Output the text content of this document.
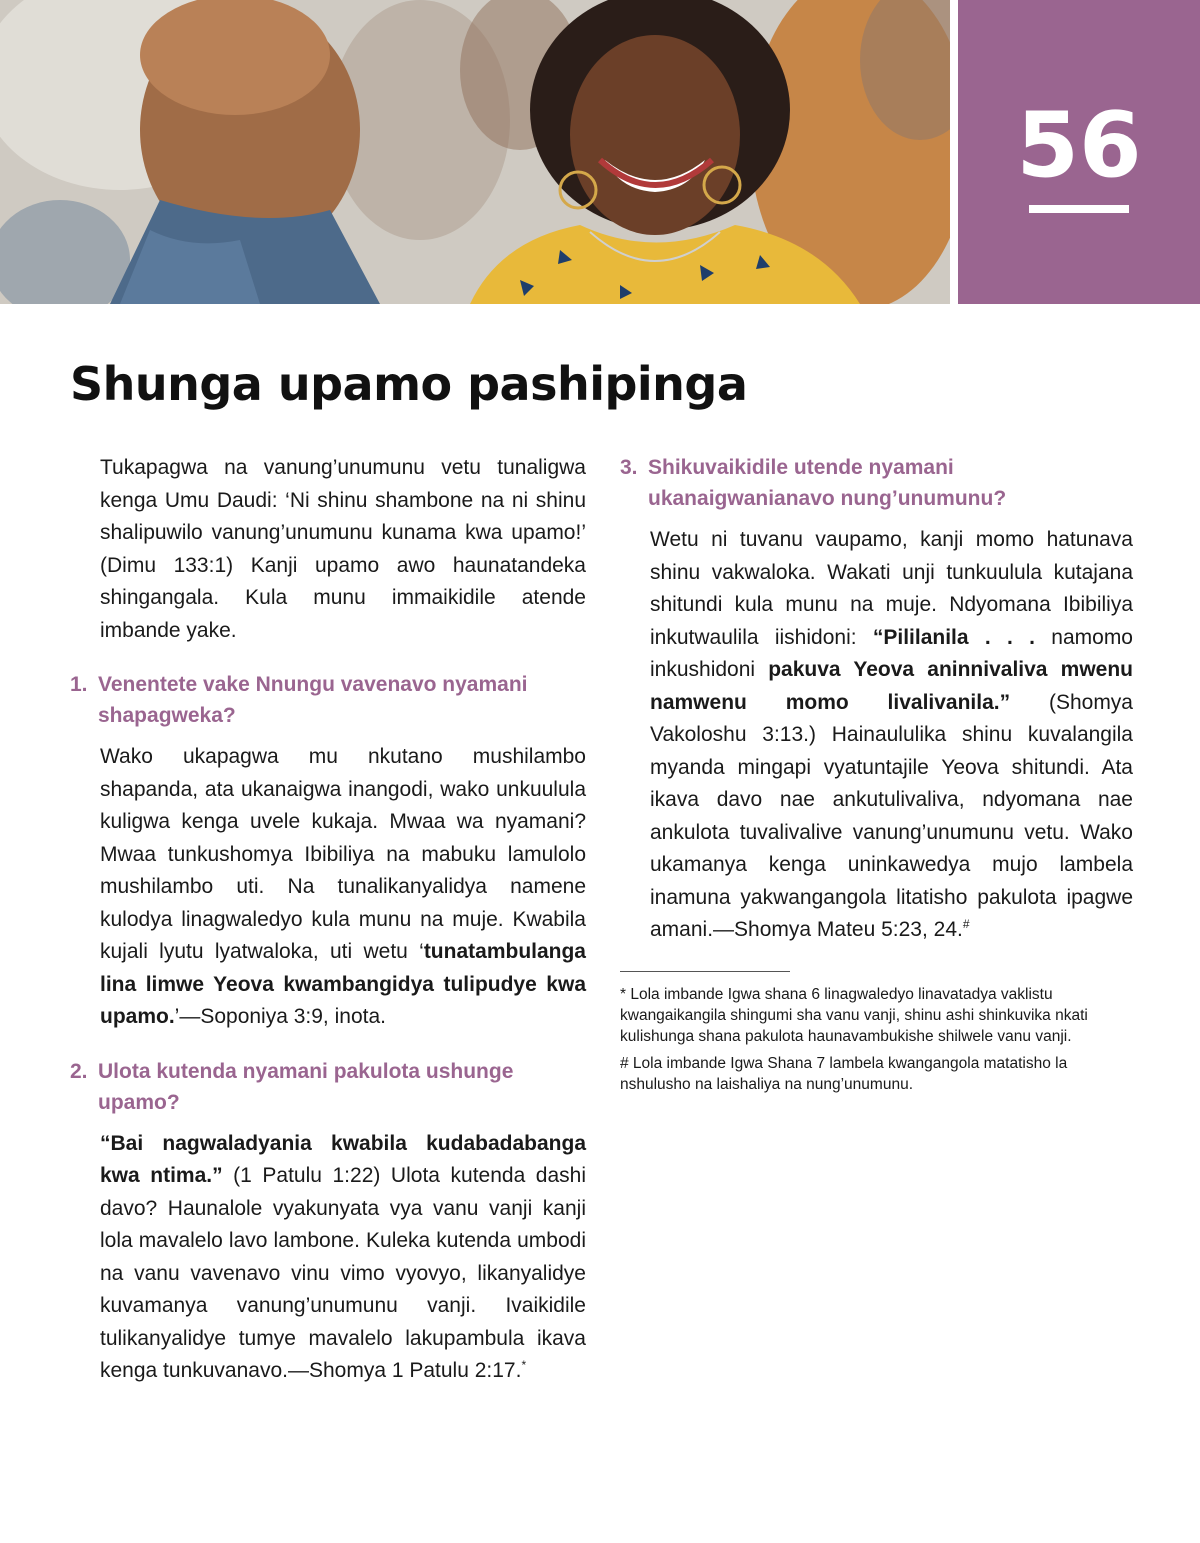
56
Shunga upamo pashipinga

Tukapagwa na vanung’unumunu vetu tunaligwa kenga Umu Daudi: ‘Ni shinu shambone na ni shinu shalipuwilo vanung’unumunu kunama kwa upamo!’ (Dimu 133:1) Kanji upamo awo haunatandeka shingangala. Kula munu immaikidile atende imbande yake.

1. Venentete vake Nnungu vavenavo nyamani shapagweka?

Wako ukapagwa mu nkutano mushilambo shapanda, ata ukanaigwa inangodi, wako unkuulula kuligwa kenga uvele kukaja. Mwaa wa nyamani? Mwaa tunkushomya Ibibiliya na mabuku lamulolo mushilambo uti. Na tunalikanyalidya namene kulodya linagwaledyo kula munu na muje. Kwabila kujali lyutu lyatwaloka, uti wetu ‘tunatambulanga lina limwe Yeova kwambangidya tulipudye kwa upamo.’—Soponiya 3:9, inota.

2. Ulota kutenda nyamani pakulota ushunge upamo?

“Bai nagwaladyania kwabila kudabadabanga kwa ntima.” (1 Patulu 1:22) Ulota kutenda dashi davo? Haunalole vyakunyata vya vanu vanji kanji lola mavalelo lavo lambone. Kuleka kutenda umbodi na vanu vavenavo vinu vimo vyovyo, likanyalidye kuvamanya vanung’unumunu vanji. Ivaikidile tulikanyalidye tumye mavalelo lakupambula ikava kenga tunkuvanavo.—Shomya 1 Patulu 2:17.*

3. Shikuvaikidile utende nyamani ukanaigwanianavo nung’unumunu?

Wetu ni tuvanu vaupamo, kanji momo hatunava shinu vakwaloka. Wakati unji tunkuulula kutajana shitundi kula munu na muje. Ndyomana Ibibiliya inkutwaulila iishidoni: “Pililanila . . . namomo inkushidoni pakuva Yeova aninnivaliva mwenu namwenu momo livalivanila.” (Shomya Vakoloshu 3:13.) Hainaululika shinu kuvalangila myanda mingapi vyatuntajile Yeova shitundi. Ata ikava davo nae ankutulivaliva, ndyomana nae ankulota tuvalivalive vanung’unumunu vetu. Wako ukamanya kenga uninkawedya mujo lambela inamuna yakwangangola litatisho pakulota ipagwe amani.—Shomya Mateu 5:23, 24.#

* Lola imbande Igwa shana 6 linagwaledyo linavatadya vaklistu kwangaikangila shingumi sha vanu vanji, shinu ashi shinkuvika nkati kulishunga shana pakulota haunavambukishe shilwele vanu vanji.

# Lola imbande Igwa Shana 7 lambela kwangangola matatisho la nshulusho na laishaliya na nung’unumunu.
